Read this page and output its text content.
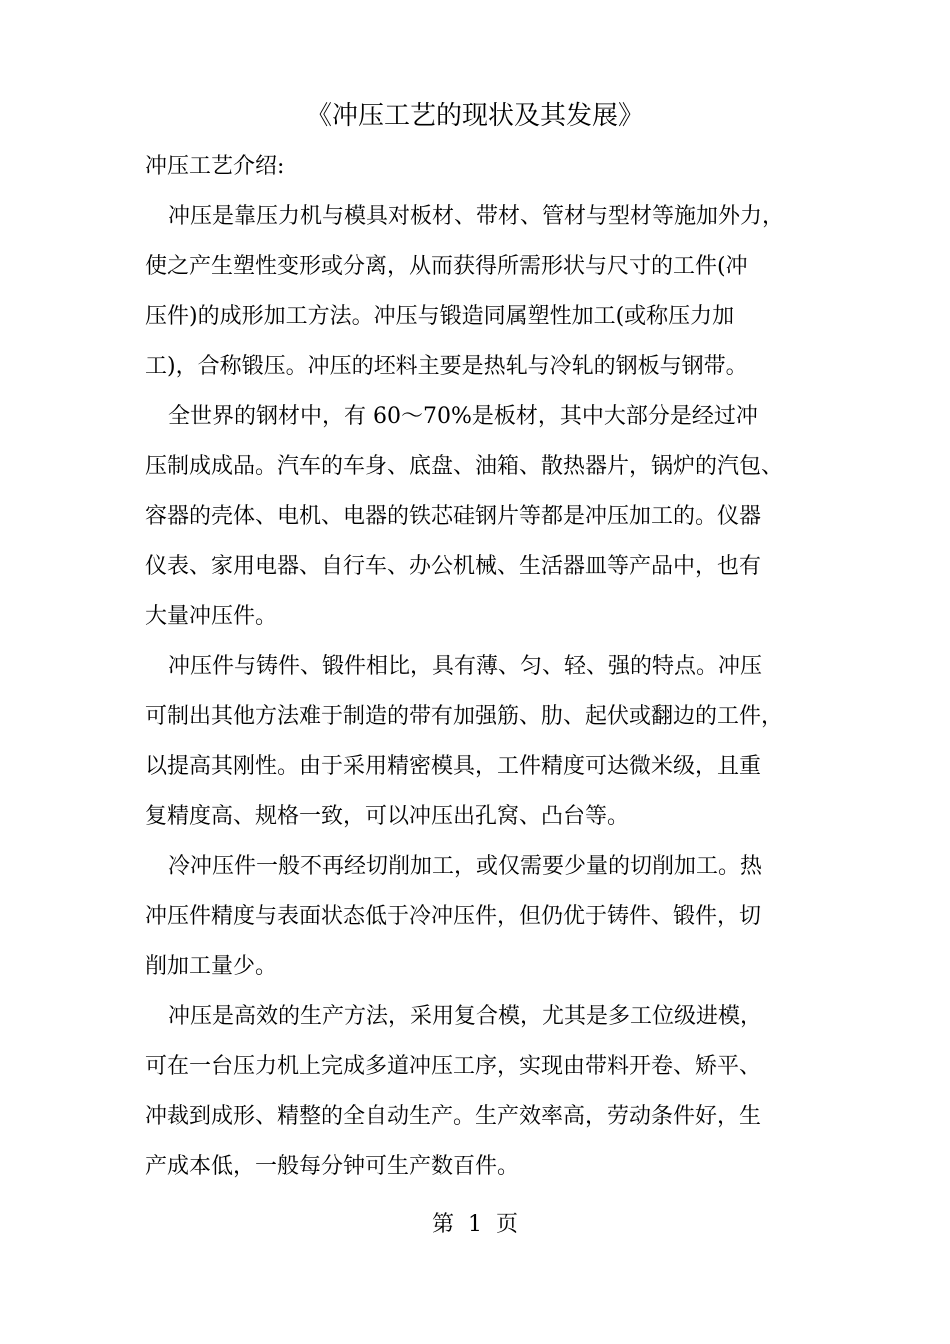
《冲压工艺的现状及其发展》
冲压工艺介绍:
冲压是靠压力机与模具对板材、带材、管材与型材等施加外力，
使之产生塑性变形或分离，从而获得所需形状与尺寸的工件(冲
压件)的成形加工方法。冲压与锻造同属塑性加工(或称压力加
工)，合称锻压。冲压的坯料主要是热轧与冷轧的钢板与钢带。
全世界的钢材中，有 60～70%是板材，其中大部分是经过冲
压制成成品。汽车的车身、底盘、油箱、散热器片，锅炉的汽包、
容器的壳体、电机、电器的铁芯硅钢片等都是冲压加工的。仪器
仪表、家用电器、自行车、办公机械、生活器皿等产品中，也有
大量冲压件。
冲压件与铸件、锻件相比，具有薄、匀、轻、强的特点。冲压
可制出其他方法难于制造的带有加强筋、肋、起伏或翻边的工件，
以提高其刚性。由于采用精密模具，工件精度可达微米级，且重
复精度高、规格一致，可以冲压出孔窝、凸台等。
冷冲压件一般不再经切削加工，或仅需要少量的切削加工。热
冲压件精度与表面状态低于冷冲压件，但仍优于铸件、锻件，切
削加工量少。
冲压是高效的生产方法，采用复合模，尤其是多工位级进模，
可在一台压力机上完成多道冲压工序，实现由带料开卷、矫平、
冲裁到成形、精整的全自动生产。生产效率高，劳动条件好，生
产成本低，一般每分钟可生产数百件。
第  1  页
